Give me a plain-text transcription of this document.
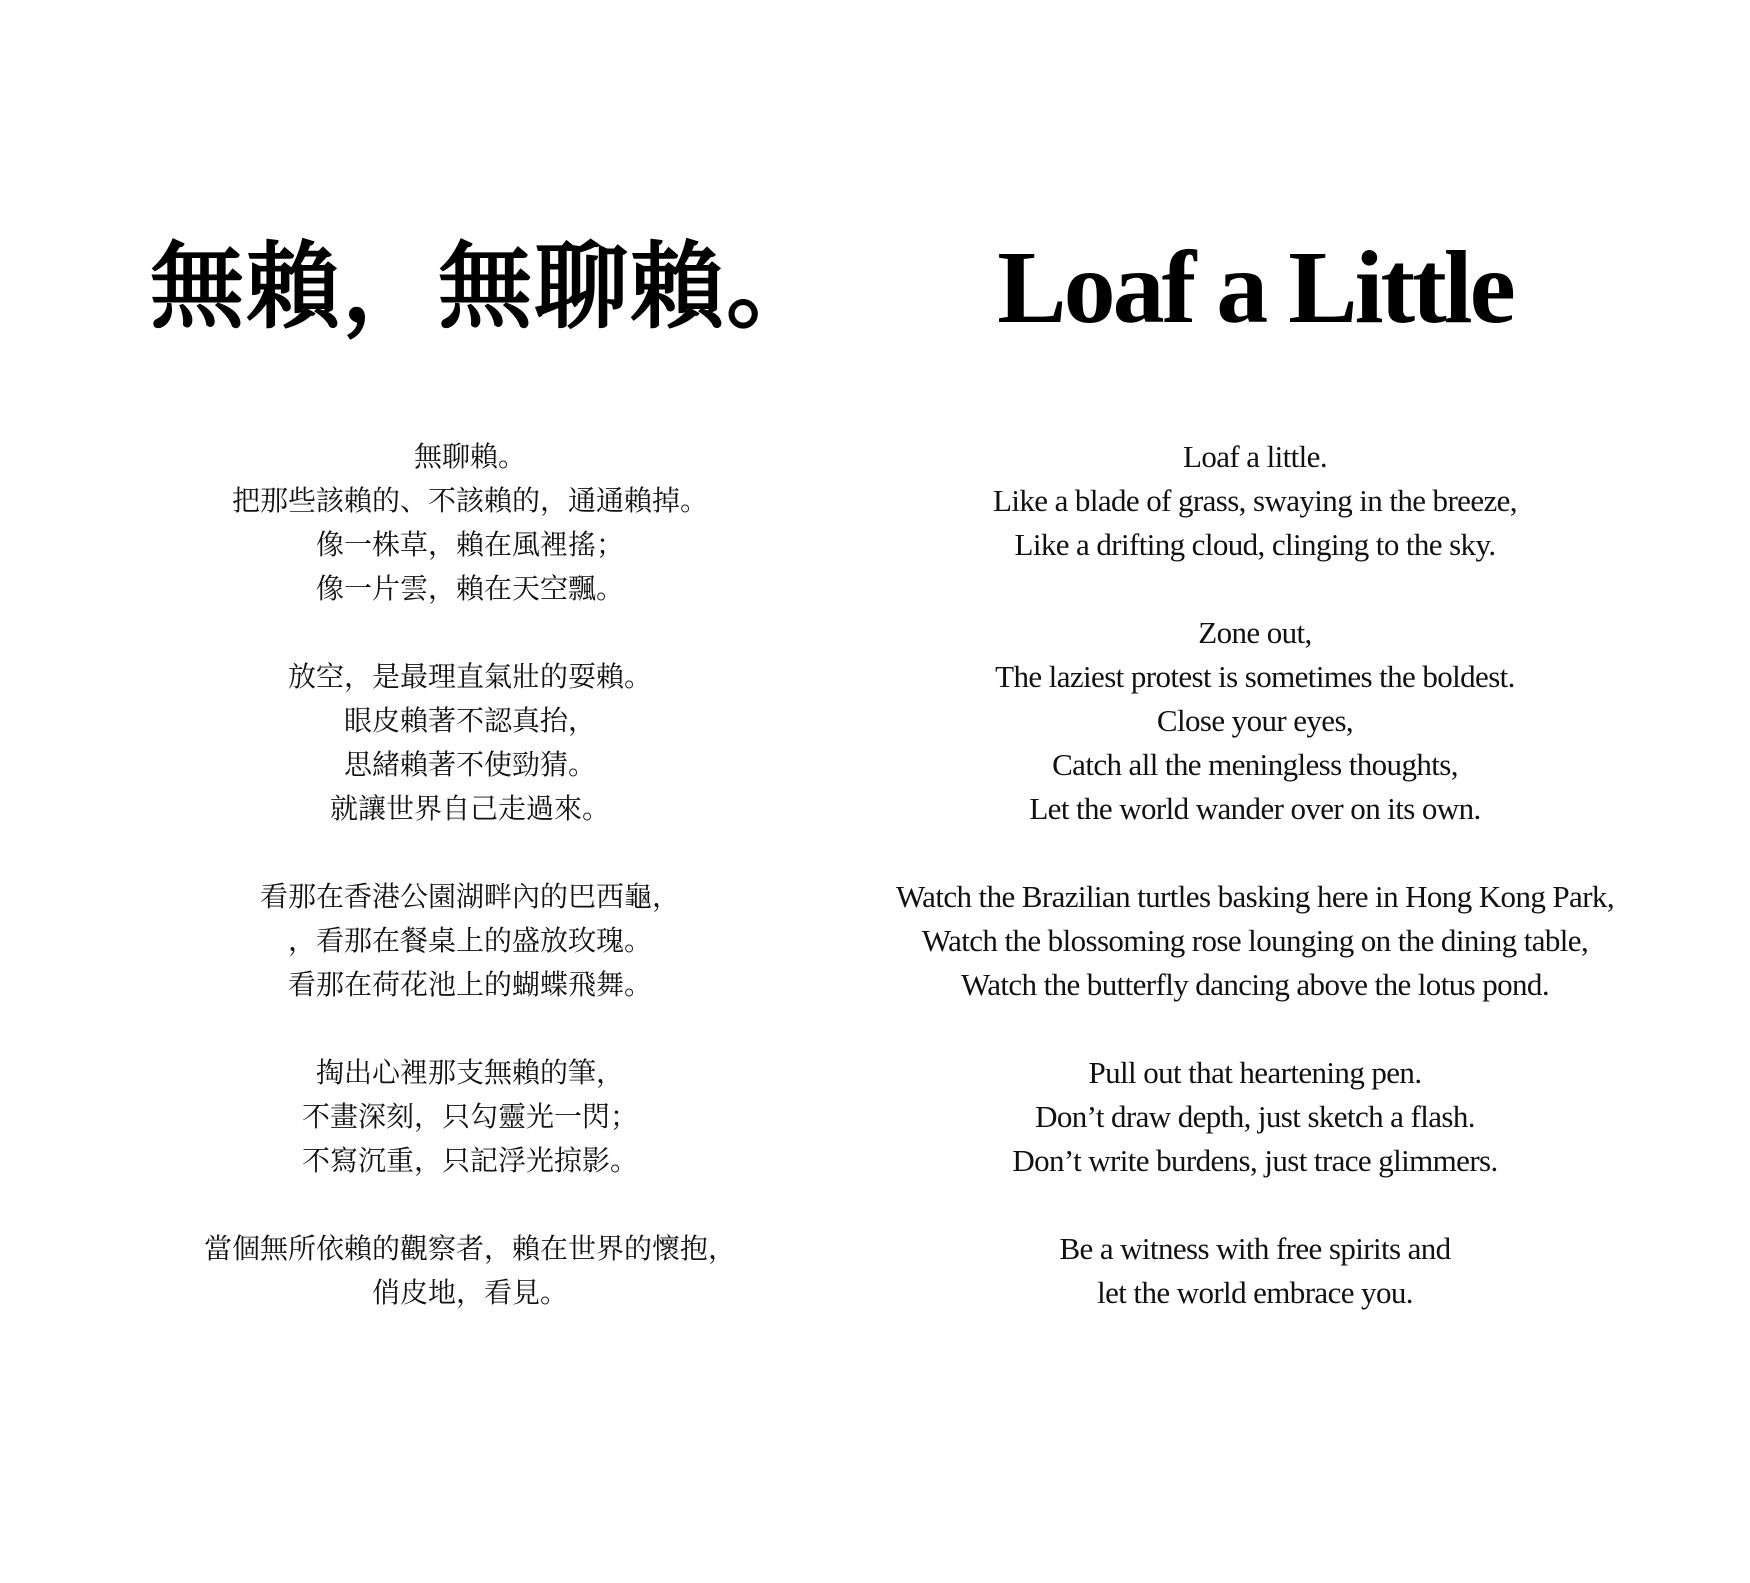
無賴，無聊賴。
無聊賴。
把那些該賴的、不該賴的，通通賴掉。
像一株草，賴在風裡搖；
像一片雲，賴在天空飄。
放空，是最理直氣壯的耍賴。
眼皮賴著不認真抬，
思緒賴著不使勁猜。
就讓世界自己走過來。
看那在香港公園湖畔內的巴西龜，
，看那在餐桌上的盛放玫瑰。
看那在荷花池上的蝴蝶飛舞。
掏出心裡那支無賴的筆，
不畫深刻，只勾靈光一閃；
不寫沉重，只記浮光掠影。
當個無所依賴的觀察者，賴在世界的懷抱，
俏皮地，看見。
Loaf a Little
Loaf a little.
Like a blade of grass, swaying in the breeze,
Like a drifting cloud, clinging to the sky.
Zone out,
The laziest protest is sometimes the boldest.
Close your eyes,
Catch all the meningless thoughts,
Let the world wander over on its own.
Watch the Brazilian turtles basking here in Hong Kong Park,
Watch the blossoming rose lounging on the dining table,
Watch the butterfly dancing above the lotus pond.
Pull out that heartening pen.
Don’t draw depth, just sketch a flash.
Don’t write burdens, just trace glimmers.
Be a witness with free spirits and
let the world embrace you.
